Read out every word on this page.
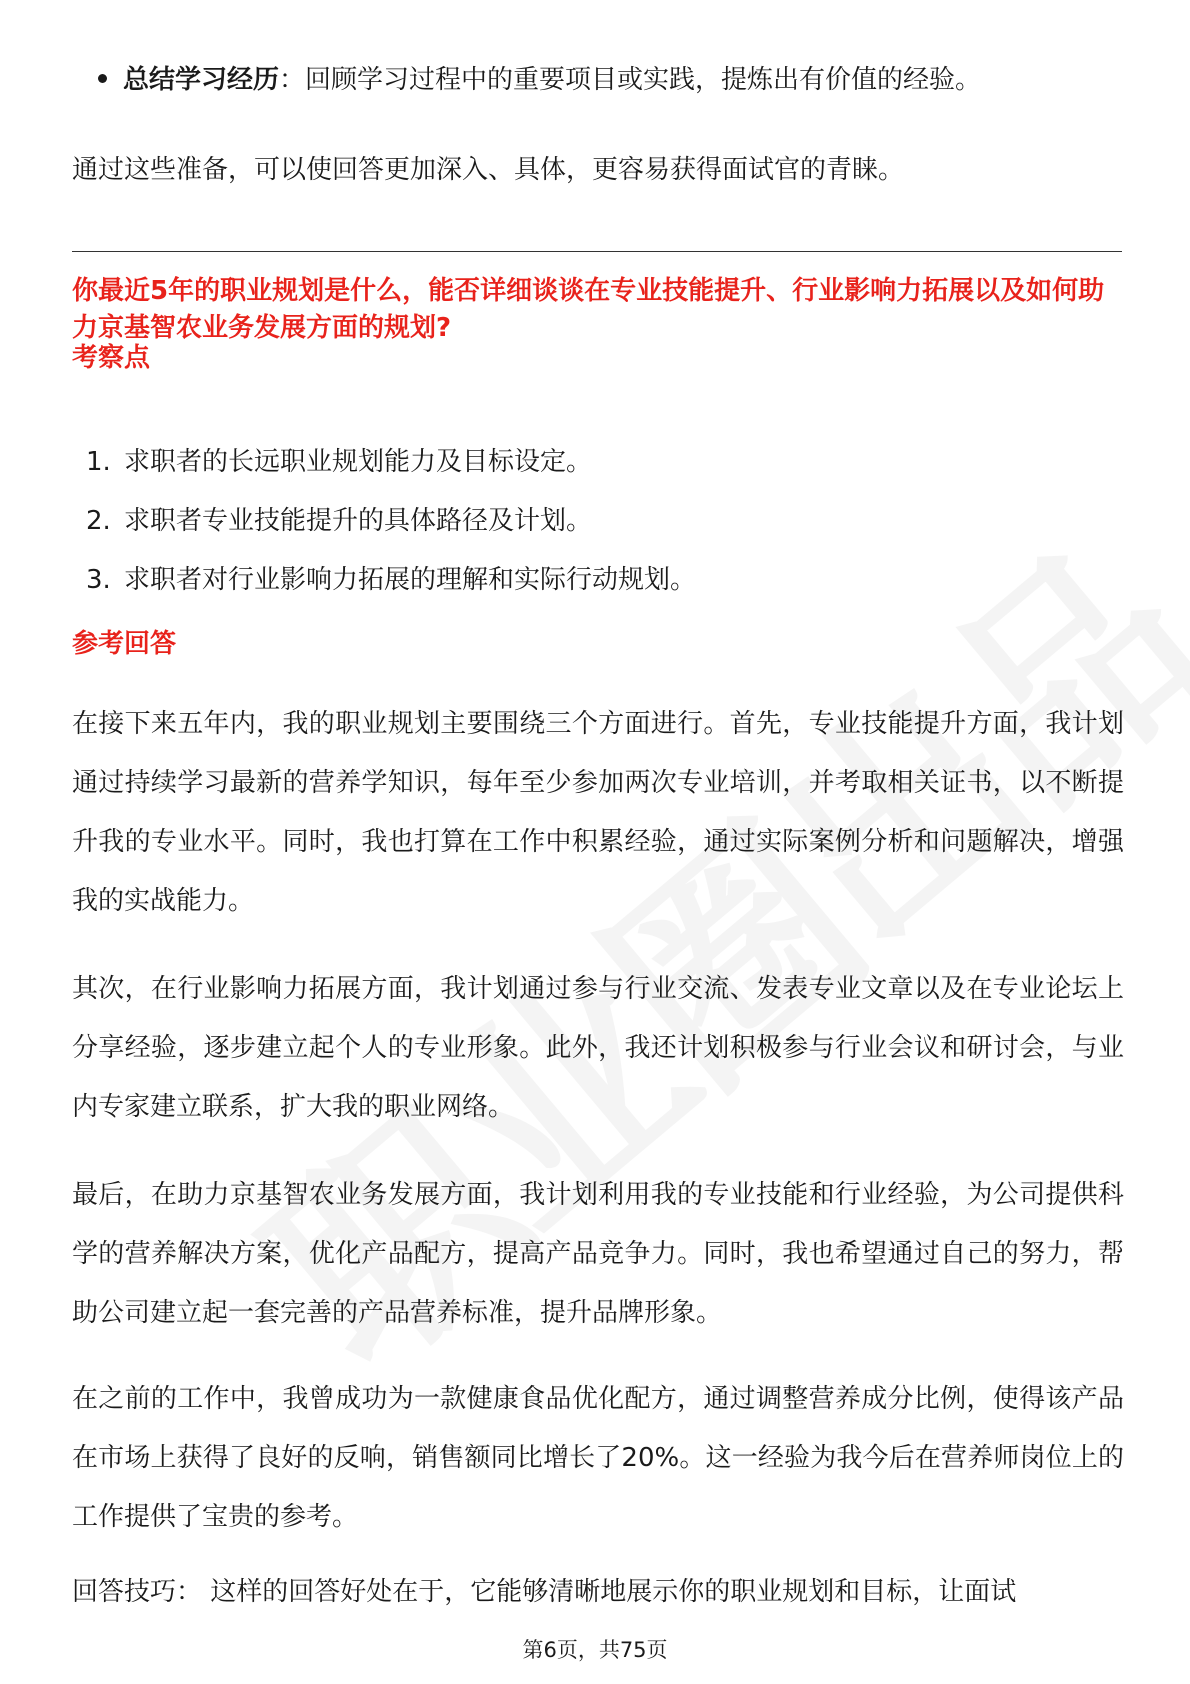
总结学习经历：回顾学习过程中的重要项目或实践，提炼出有价值的经验。
通过这些准备，可以使回答更加深入、具体，更容易获得面试官的青睐。
你最近5年的职业规划是什么，能否详细谈谈在专业技能提升、行业影响力拓展以及如何助力京基智农业务发展方面的规划?
考察点
1. 求职者的长远职业规划能力及目标设定。
2. 求职者专业技能提升的具体路径及计划。
3. 求职者对行业影响力拓展的理解和实际行动规划。
参考回答
在接下来五年内，我的职业规划主要围绕三个方面进行。首先，专业技能提升方面，我计划通过持续学习最新的营养学知识，每年至少参加两次专业培训，并考取相关证书，以不断提升我的专业水平。同时，我也打算在工作中积累经验，通过实际案例分析和问题解决，增强我的实战能力。
其次，在行业影响力拓展方面，我计划通过参与行业交流、发表专业文章以及在专业论坛上分享经验，逐步建立起个人的专业形象。此外，我还计划积极参与行业会议和研讨会，与业内专家建立联系，扩大我的职业网络。
最后，在助力京基智农业务发展方面，我计划利用我的专业技能和行业经验，为公司提供科学的营养解决方案，优化产品配方，提高产品竞争力。同时，我也希望通过自己的努力，帮助公司建立起一套完善的产品营养标准，提升品牌形象。
在之前的工作中，我曾成功为一款健康食品优化配方，通过调整营养成分比例，使得该产品在市场上获得了良好的反响，销售额同比增长了20%。这一经验为我今后在营养师岗位上的工作提供了宝贵的参考。
回答技巧： 这样的回答好处在于，它能够清晰地展示你的职业规划和目标，让面试
第6页，共75页
